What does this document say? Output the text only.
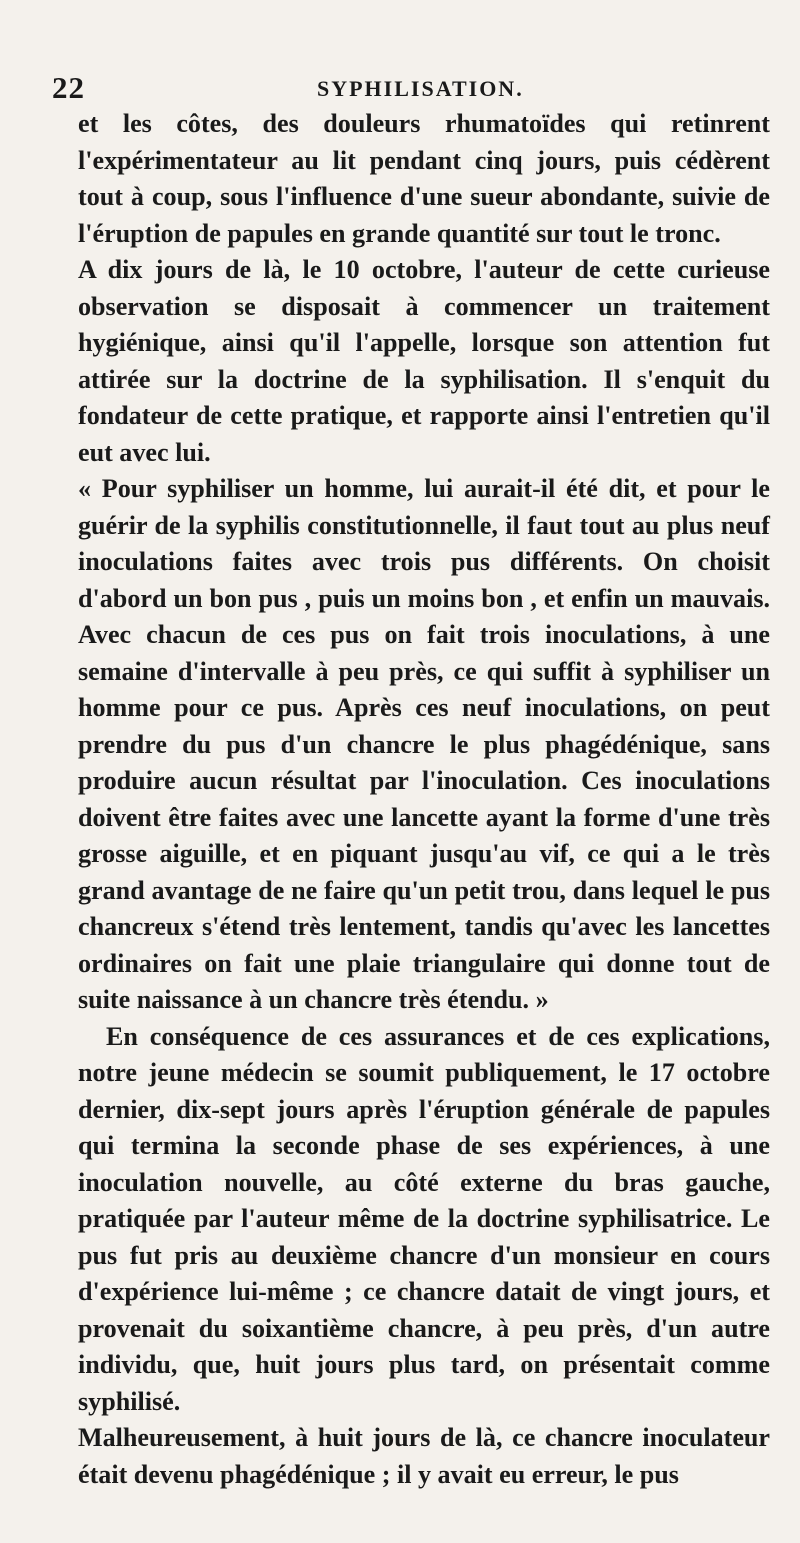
22	SYPHILISATION.

et les côtes, des douleurs rhumatoïdes qui retinrent l'expérimentateur au lit pendant cinq jours, puis cédèrent tout à coup, sous l'influence d'une sueur abondante, suivie de l'éruption de papules en grande quantité sur tout le tronc.

A dix jours de là, le 10 octobre, l'auteur de cette curieuse observation se disposait à commencer un traitement hygiénique, ainsi qu'il l'appelle, lorsque son attention fut attirée sur la doctrine de la syphilisation. Il s'enquit du fondateur de cette pratique, et rapporte ainsi l'entretien qu'il eut avec lui.

« Pour syphiliser un homme, lui aurait-il été dit, et pour le guérir de la syphilis constitutionnelle, il faut tout au plus neuf inoculations faites avec trois pus différents. On choisit d'abord un bon pus , puis un moins bon , et enfin un mauvais. Avec chacun de ces pus on fait trois inoculations, à une semaine d'intervalle à peu près, ce qui suffit à syphiliser un homme pour ce pus. Après ces neuf inoculations, on peut prendre du pus d'un chancre le plus phagédénique, sans produire aucun résultat par l'inoculation. Ces inoculations doivent être faites avec une lancette ayant la forme d'une très grosse aiguille, et en piquant jusqu'au vif, ce qui a le très grand avantage de ne faire qu'un petit trou, dans lequel le pus chancreux s'étend très lentement, tandis qu'avec les lancettes ordinaires on fait une plaie triangulaire qui donne tout de suite naissance à un chancre très étendu. »

En conséquence de ces assurances et de ces explications, notre jeune médecin se soumit publiquement, le 17 octobre dernier, dix-sept jours après l'éruption générale de papules qui termina la seconde phase de ses expériences, à une inoculation nouvelle, au côté externe du bras gauche, pratiquée par l'auteur même de la doctrine syphilisatrice. Le pus fut pris au deuxième chancre d'un monsieur en cours d'expérience lui-même ; ce chancre datait de vingt jours, et provenait du soixantième chancre, à peu près, d'un autre individu, que, huit jours plus tard, on présentait comme syphilisé.

Malheureusement, à huit jours de là, ce chancre inoculateur était devenu phagédénique ; il y avait eu erreur, le pus
